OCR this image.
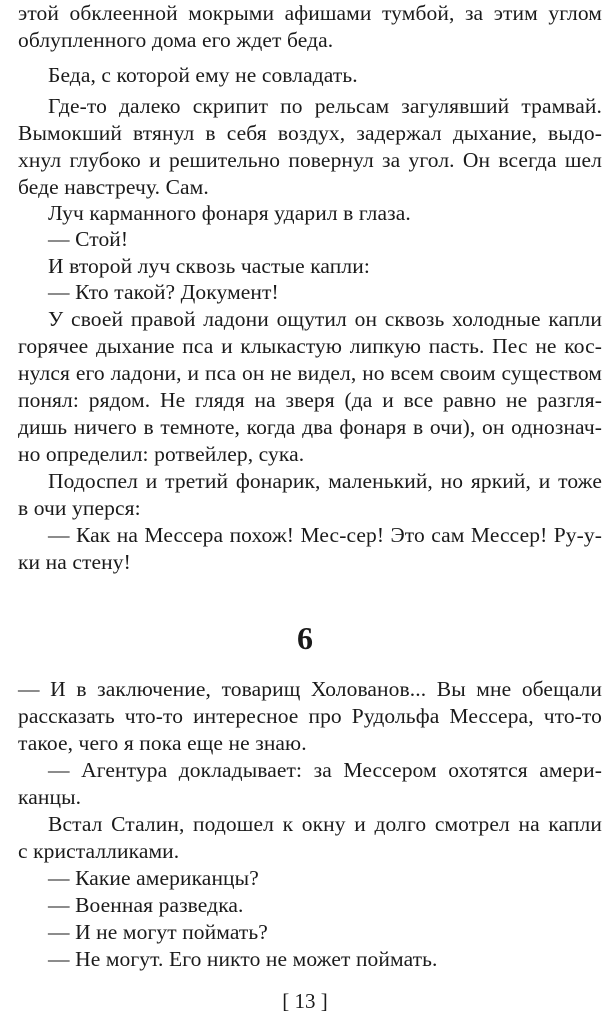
этой обклеенной мокрыми афишами тумбой, за этим углом
облупленного дома его ждет беда.
Беда, с которой ему не совладать.
Где-то далеко скрипит по рельсам загулявший трамвай.
Вымокший втянул в себя воздух, задержал дыхание, выдо-
хнул глубоко и решительно повернул за угол. Он всегда шел
беде навстречу. Сам.
Луч карманного фонаря ударил в глаза.
— Стой!
И второй луч сквозь частые капли:
— Кто такой? Документ!
У своей правой ладони ощутил он сквозь холодные капли
горячее дыхание пса и клыкастую липкую пасть. Пес не кос-
нулся его ладони, и пса он не видел, но всем своим существом
понял: рядом. Не глядя на зверя (да и все равно не разгля-
дишь ничего в темноте, когда два фонаря в очи), он однознач-
но определил: ротвейлер, сука.
Подоспел и третий фонарик, маленький, но яркий, и тоже
в очи уперся:
— Как на Мессера похож! Мес-сер! Это сам Мессер! Ру-у-
ки на стену!
— И в заключение, товарищ Холованов... Вы мне обещали
рассказать что-то интересное про Рудольфа Мессера, что-то
такое, чего я пока еще не знаю.
— Агентура докладывает: за Мессером охотятся амери-
канцы.
Встал Сталин, подошел к окну и долго смотрел на капли
с кристалликами.
— Какие американцы?
— Военная разведка.
— И не могут поймать?
— Не могут. Его никто не может поймать.
6
[ 13 ]
